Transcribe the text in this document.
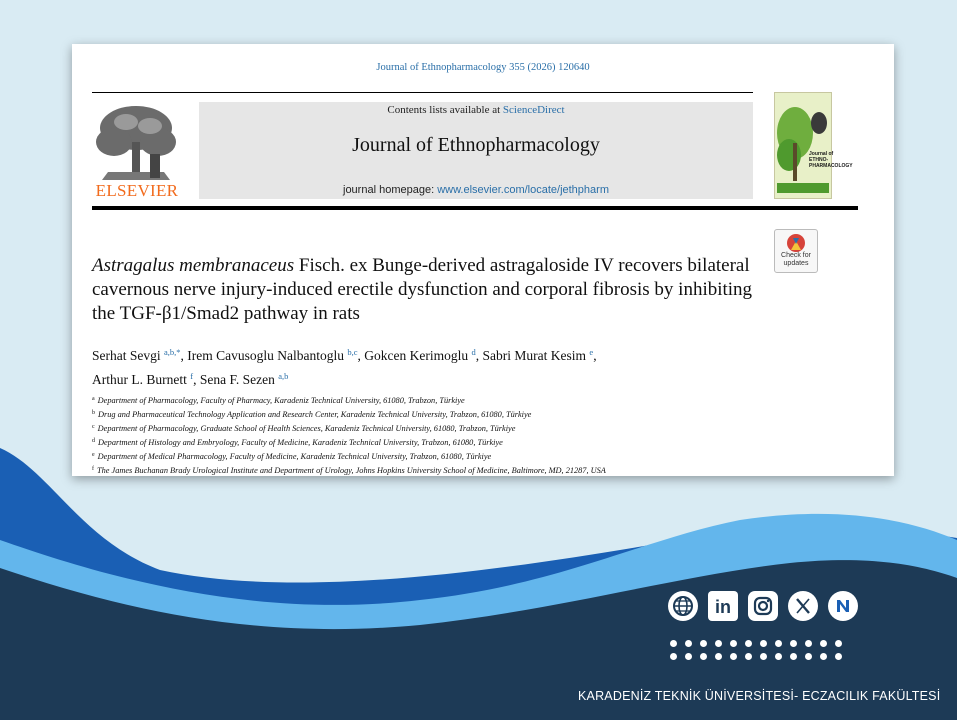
Journal of Ethnopharmacology 355 (2026) 120640
ELSEVIER
Contents lists available at ScienceDirect
Journal of Ethnopharmacology
journal homepage: www.elsevier.com/locate/jethpharm
Journal of
ETHNO-
PHARMACOLOGY
Check for
updates
Astragalus membranaceus Fisch. ex Bunge-derived astragaloside IV recovers bilateral cavernous nerve injury-induced erectile dysfunction and corporal fibrosis by inhibiting the TGF-β1/Smad2 pathway in rats
Serhat Sevgi $^{a,b,*}$, Irem Cavusoglu Nalbantoglu $^{b,c}$, Gokcen Kerimoglu $^d$, Sabri Murat Kesim $^e$,
Arthur L. Burnett $^f$, Sena F. Sezen $^{a,b}$
$^a$ Department of Pharmacology, Faculty of Pharmacy, Karadeniz Technical University, 61080, Trabzon, Türkiye
$^b$ Drug and Pharmaceutical Technology Application and Research Center, Karadeniz Technical University, Trabzon, 61080, Türkiye
$^c$ Department of Pharmacology, Graduate School of Health Sciences, Karadeniz Technical University, 61080, Trabzon, Türkiye
$^d$ Department of Histology and Embryology, Faculty of Medicine, Karadeniz Technical University, Trabzon, 61080, Türkiye
$^e$ Department of Medical Pharmacology, Faculty of Medicine, Karadeniz Technical University, Trabzon, 61080, Türkiye
$^f$ The James Buchanan Brady Urological Institute and Department of Urology, Johns Hopkins University School of Medicine, Baltimore, MD, 21287, USA
in
KARADENİZ TEKNİK ÜNİVERSİTESİ- ECZACILIK FAKÜLTESİ
